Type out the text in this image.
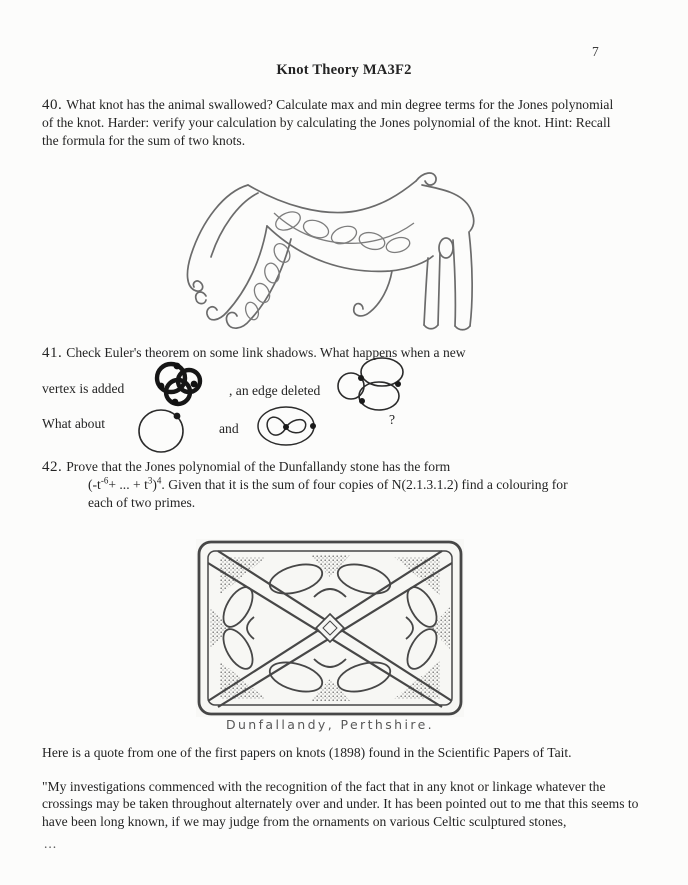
7
Knot Theory MA3F2
40. What knot has the animal swallowed? Calculate max and min degree terms for the Jones polynomial of the knot. Harder: verify your calculation by calculating the Jones polynomial of the knot. Hint: Recall the formula for the sum of two knots.
41. Check Euler's theorem on some link shadows. What happens when a new
vertex is added	, an edge deleted
What about	and
?
42. Prove that the Jones polynomial of the Dunfallandy stone has the form
($-t^{-6}+$ ... + $t^3)^4$. Given that it is the sum of four copies of N(2.1.3.1.2) find a colouring for
each of two primes.
Dunfallandy, Perthshire.
Here is a quote from one of the first papers on knots (1898) found in the Scientific Papers of Tait.
"My investigations commenced with the recognition of the fact that in any knot or linkage whatever the crossings may be taken throughout alternately over and under. It has been pointed out to me that this seems to have been long known, if we may judge from the ornaments on various Celtic sculptured stones,
...
